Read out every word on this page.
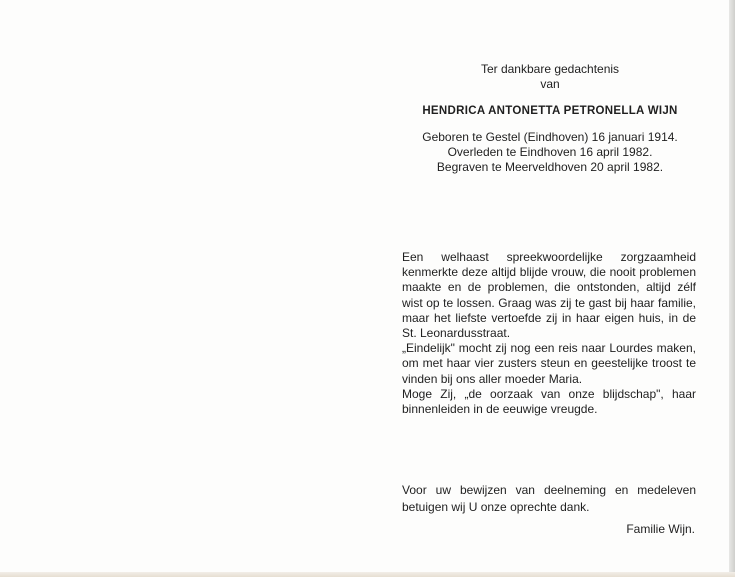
Ter dankbare gedachtenis
van
HENDRICA ANTONETTA PETRONELLA WIJN
Geboren te Gestel (Eindhoven) 16 januari 1914.
Overleden te Eindhoven 16 april 1982.
Begraven te Meerveldhoven 20 april 1982.

Een welhaast spreekwoordelijke zorgzaamheid kenmerkte deze altijd blijde vrouw, die nooit problemen maakte en de problemen, die ontstonden, altijd zélf wist op te lossen. Graag was zij te gast bij haar familie, maar het liefste vertoefde zij in haar eigen huis, in de St. Leonardusstraat.

„Eindelijk" mocht zij nog een reis naar Lourdes maken, om met haar vier zusters steun en geestelijke troost te vinden bij ons aller moeder Maria.

Moge Zij, „de oorzaak van onze blijdschap", haar binnenleiden in de eeuwige vreugde.

Voor uw bewijzen van deelneming en medeleven betuigen wij U onze oprechte dank.

Familie Wijn.
